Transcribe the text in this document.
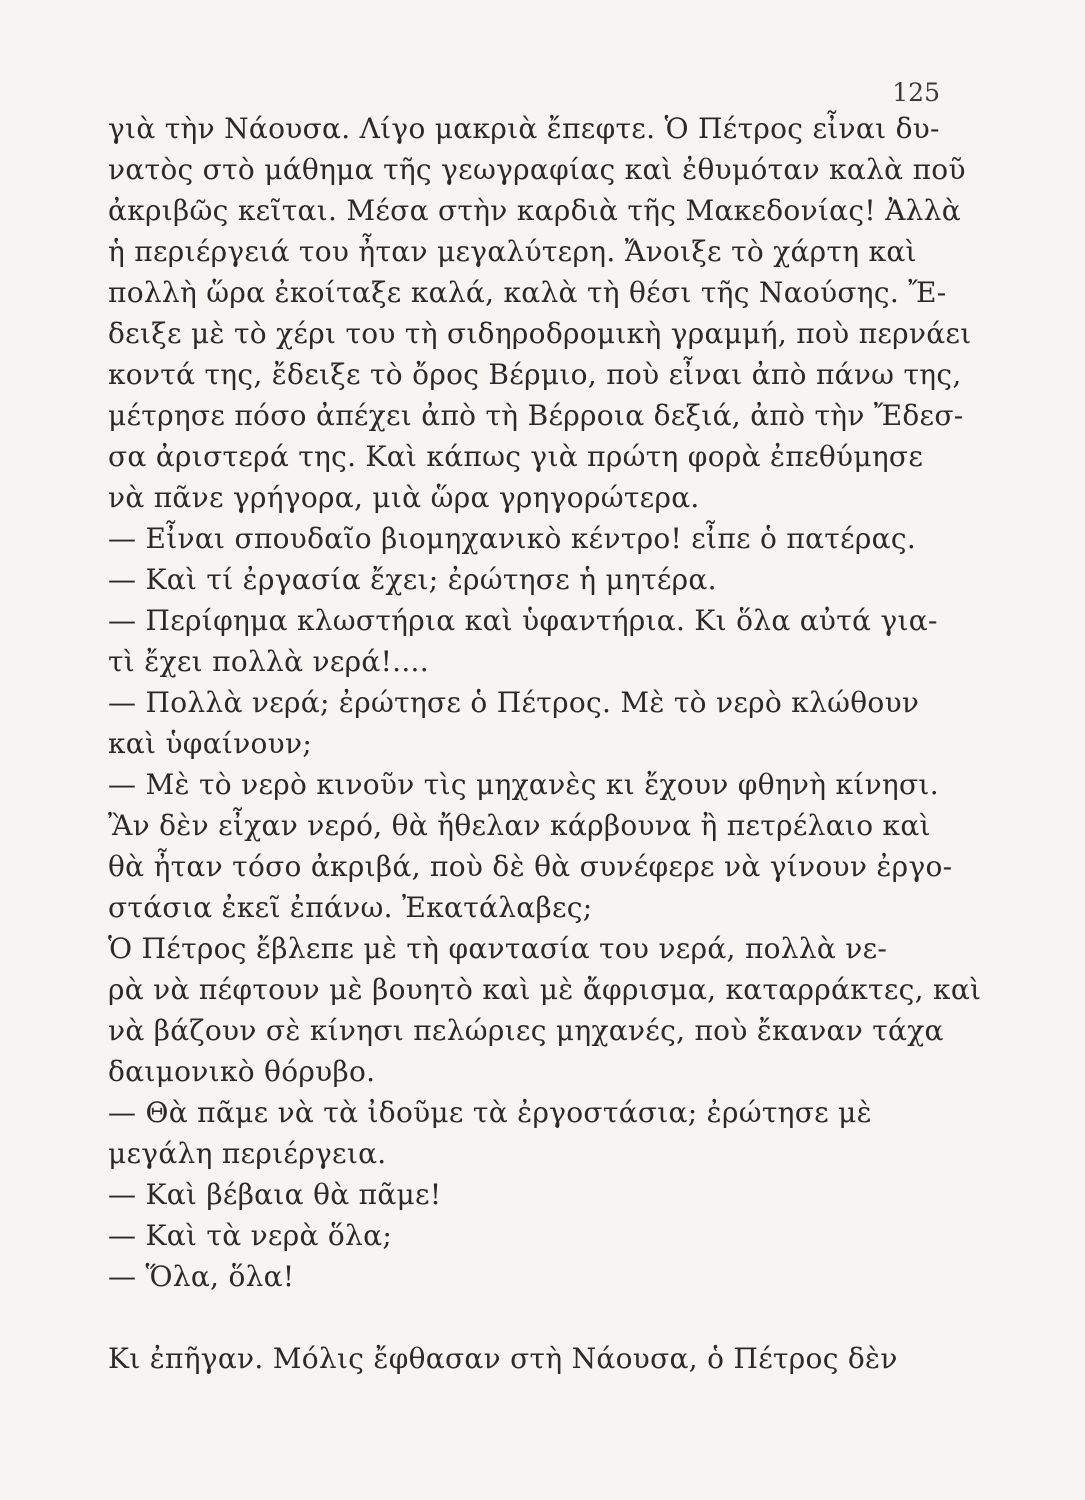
125
γιὰ τὴν Νάουσα. Λίγο μακριὰ ἔπεφτε. Ὁ Πέτρος εἶναι δυ-
νατὸς στὸ μάθημα τῆς γεωγραφίας καὶ ἐθυμόταν καλὰ ποῦ
ἀκριβῶς κεῖται. Μέσα στὴν καρδιὰ τῆς Μακεδονίας! Ἀλλὰ
ἡ περιέργειά του ἦταν μεγαλύτερη. Ἄνοιξε τὸ χάρτη καὶ
πολλὴ ὥρα ἐκοίταξε καλά, καλὰ τὴ θέσι τῆς Ναούσης. Ἔ-
δειξε μὲ τὸ χέρι του τὴ σιδηροδρομικὴ γραμμή, ποὺ περνάει
κοντά της, ἔδειξε τὸ ὄρος Βέρμιο, ποὺ εἶναι ἀπὸ πάνω της,
μέτρησε πόσο ἀπέχει ἀπὸ τὴ Βέρροια δεξιά, ἀπὸ τὴν Ἔδεσ-
σα ἀριστερά της. Καὶ κάπως γιὰ πρώτη φορὰ ἐπεθύμησε
νὰ πᾶνε γρήγορα, μιὰ ὥρα γρηγορώτερα.
— Εἶναι σπουδαῖο βιομηχανικὸ κέντρο! εἶπε ὁ πατέρας.
— Καὶ τί ἐργασία ἔχει; ἐρώτησε ἡ μητέρα.
— Περίφημα κλωστήρια καὶ ὑφαντήρια. Κι ὅλα αὐτά για-
τὶ ἔχει πολλὰ νερά!....
— Πολλὰ νερά; ἐρώτησε ὁ Πέτρος. Μὲ τὸ νερὸ κλώθουν
καὶ ὑφαίνουν;
— Μὲ τὸ νερὸ κινοῦν τὶς μηχανὲς κι ἔχουν φθηνὴ κίνησι.
Ἂν δὲν εἶχαν νερό, θὰ ἤθελαν κάρβουνα ἢ πετρέλαιο καὶ
θὰ ἦταν τόσο ἀκριβά, ποὺ δὲ θὰ συνέφερε νὰ γίνουν ἐργο-
στάσια ἐκεῖ ἐπάνω. Ἐκατάλαβες;
Ὁ Πέτρος ἔβλεπε μὲ τὴ φαντασία του νερά, πολλὰ νε-
ρὰ νὰ πέφτουν μὲ βουητὸ καὶ μὲ ἄφρισμα, καταρράκτες, καὶ
νὰ βάζουν σὲ κίνησι πελώριες μηχανές, ποὺ ἔκαναν τάχα
δαιμονικὸ θόρυβο.
— Θὰ πᾶμε νὰ τὰ ἰδοῦμε τὰ ἐργοστάσια; ἐρώτησε μὲ
μεγάλη περιέργεια.
— Καὶ βέβαια θὰ πᾶμε!
— Καὶ τὰ νερὰ ὅλα;
— Ὅλα, ὅλα!
Κι ἐπῆγαν. Μόλις ἔφθασαν στὴ Νάουσα, ὁ Πέτρος δὲν
